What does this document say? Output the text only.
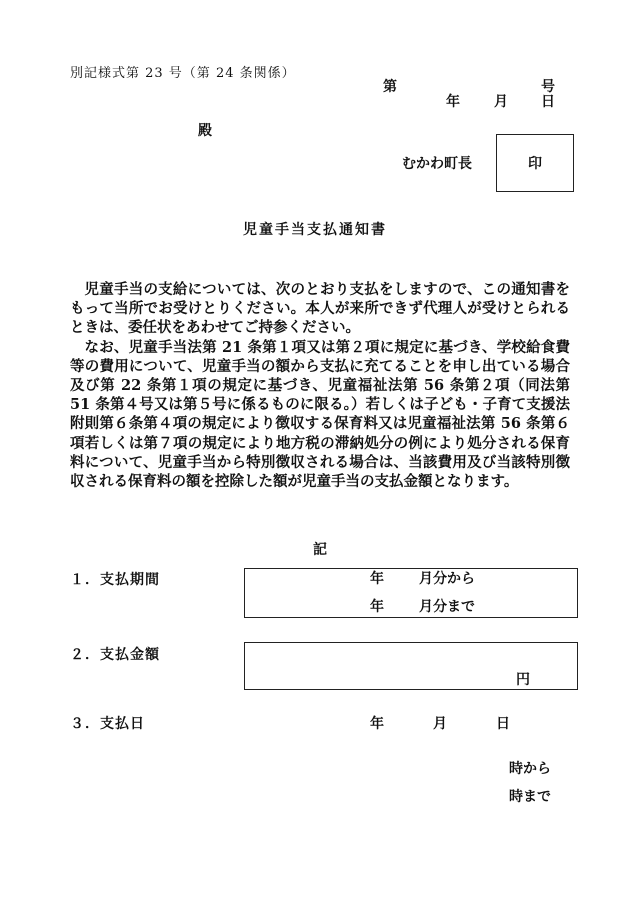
別記様式第 23 号（第 24 条関係）
第	号
年 月 日
殿
むかわ町長	印
児童手当支払通知書

児童手当の支給については、次のとおり支払をしますので、この通知書をもって当所でお受けとりください。本人が来所できず代理人が受けとられるときは、委任状をあわせてご持参ください。

なお、児童手当法第 21 条第１項又は第２項に規定に基づき、学校給食費等の費用について、児童手当の額から支払に充てることを申し出ている場合及び第 22 条第１項の規定に基づき、児童福祉法第 56 条第２項（同法第 51 条第４号又は第５号に係るものに限る。）若しくは子ども・子育て支援法附則第６条第４項の規定により徴収する保育料又は児童福祉法第 56 条第６項若しくは第７項の規定により地方税の滞納処分の例により処分される保育料について、児童手当から特別徴収される場合は、当該費用及び当該特別徴収される保育料の額を控除した額が児童手当の支払金額となります。

記
１．支払期間	年	月分から
年	月分まで
２．支払金額
円
３．支払日	年	月	日
時から
時まで
